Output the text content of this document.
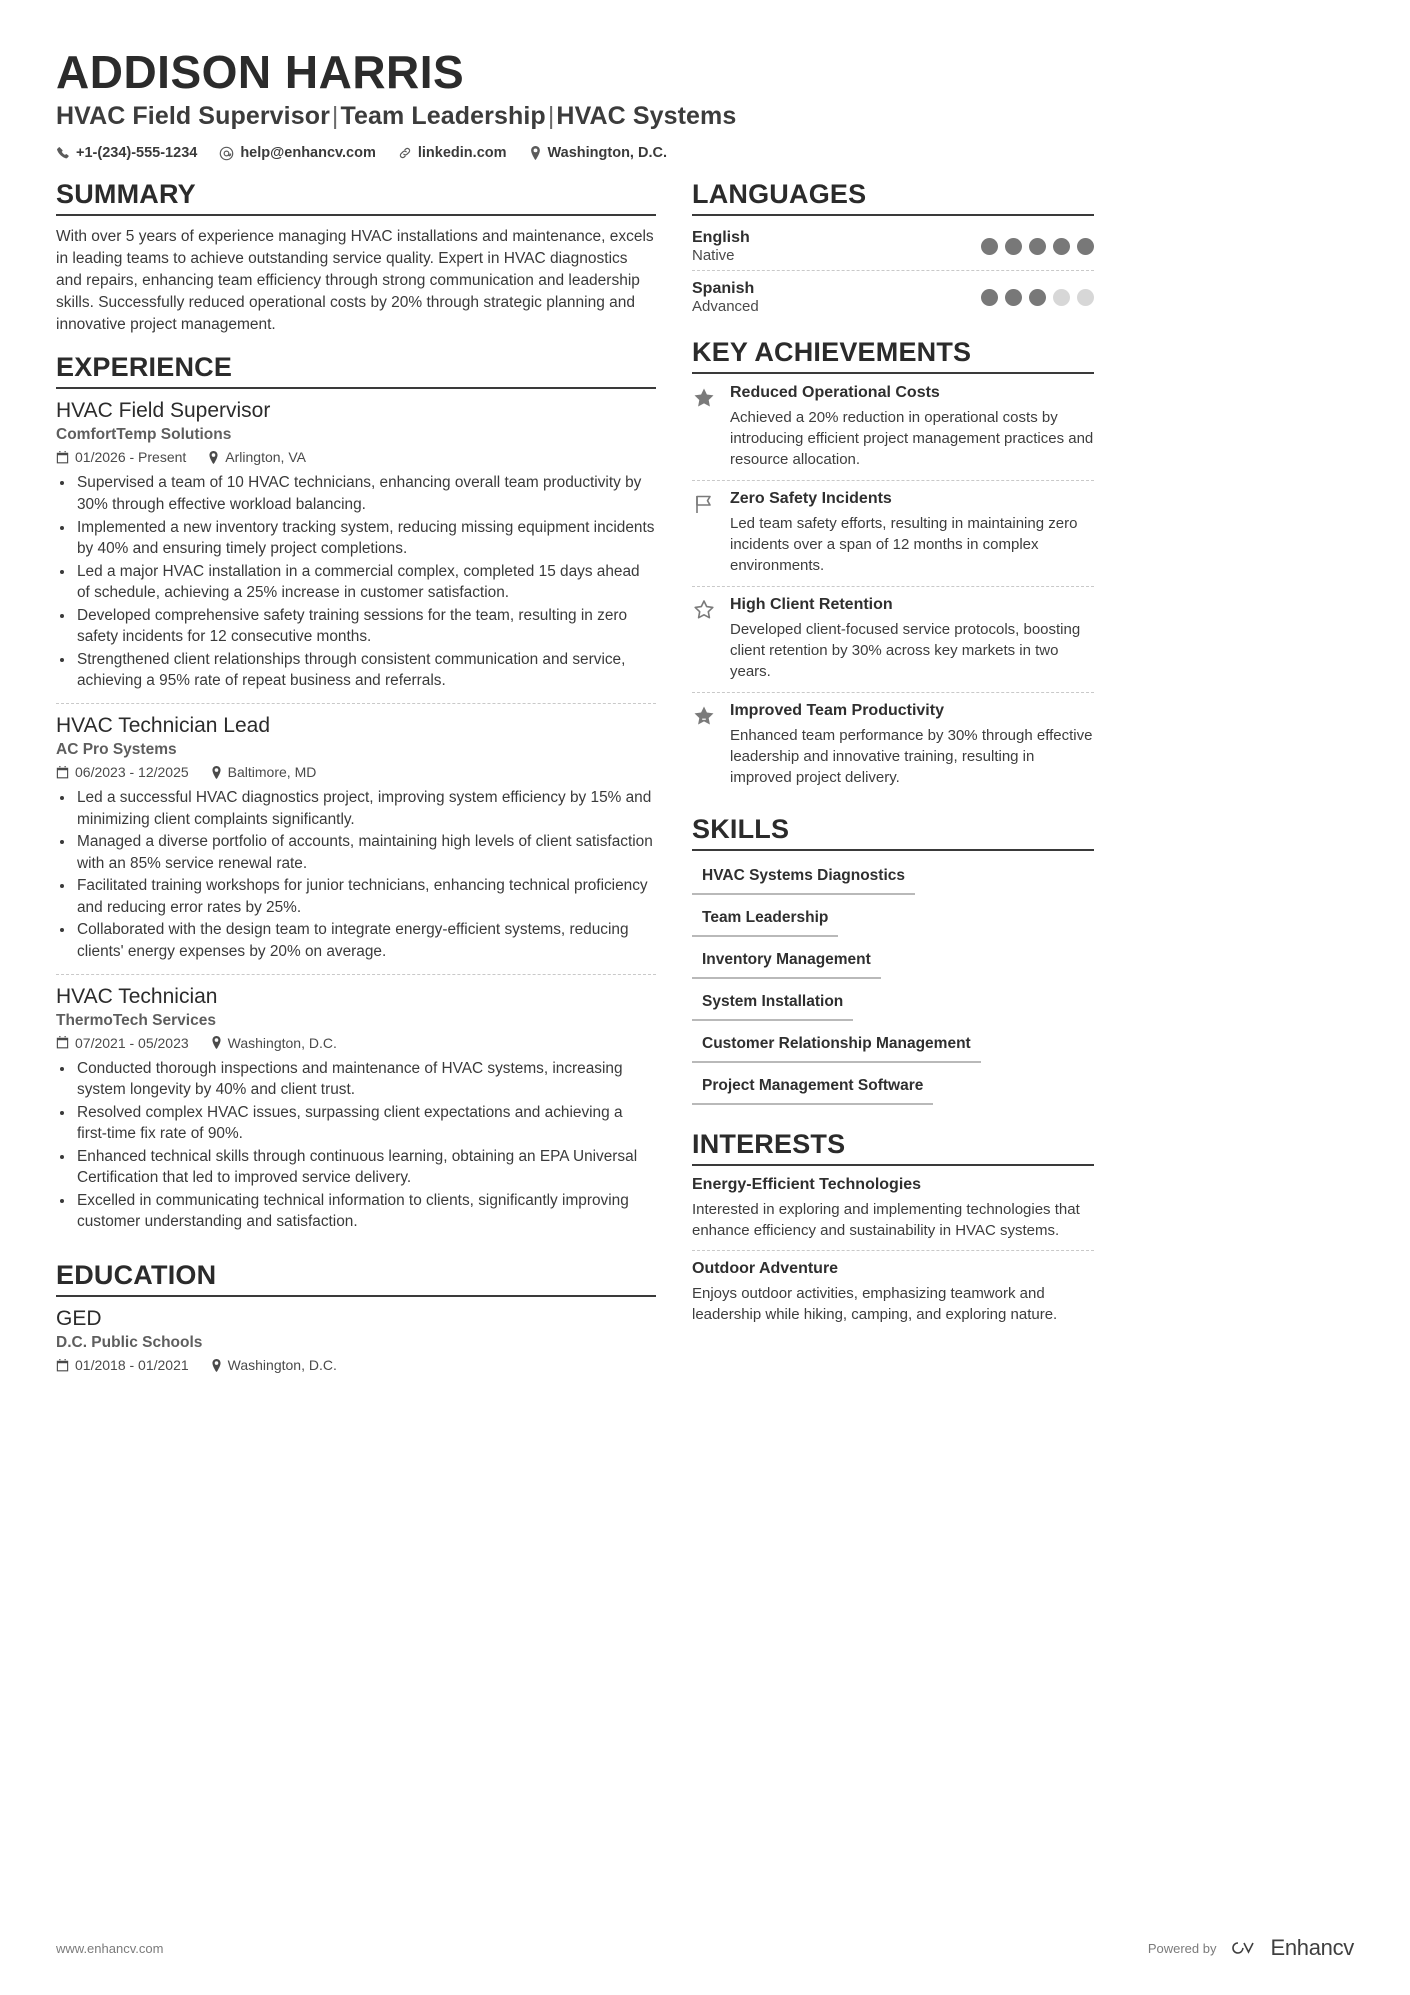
ADDISON HARRIS
HVAC Field Supervisor|Team Leadership|HVAC Systems
+1-(234)-555-1234	help@enhancv.com	linkedin.com	Washington, D.C.
SUMMARY
With over 5 years of experience managing HVAC installations and maintenance, excels in leading teams to achieve outstanding service quality. Expert in HVAC diagnostics and repairs, enhancing team efficiency through strong communication and leadership skills. Successfully reduced operational costs by 20% through strategic planning and innovative project management.
EXPERIENCE
HVAC Field Supervisor
ComfortTemp Solutions
01/2026 - Present	Arlington, VA
• Supervised a team of 10 HVAC technicians, enhancing overall team productivity by 30% through effective workload balancing.
• Implemented a new inventory tracking system, reducing missing equipment incidents by 40% and ensuring timely project completions.
• Led a major HVAC installation in a commercial complex, completed 15 days ahead of schedule, achieving a 25% increase in customer satisfaction.
• Developed comprehensive safety training sessions for the team, resulting in zero safety incidents for 12 consecutive months.
• Strengthened client relationships through consistent communication and service, achieving a 95% rate of repeat business and referrals.
HVAC Technician Lead
AC Pro Systems
06/2023 - 12/2025	Baltimore, MD
• Led a successful HVAC diagnostics project, improving system efficiency by 15% and minimizing client complaints significantly.
• Managed a diverse portfolio of accounts, maintaining high levels of client satisfaction with an 85% service renewal rate.
• Facilitated training workshops for junior technicians, enhancing technical proficiency and reducing error rates by 25%.
• Collaborated with the design team to integrate energy-efficient systems, reducing clients' energy expenses by 20% on average.
HVAC Technician
ThermoTech Services
07/2021 - 05/2023	Washington, D.C.
• Conducted thorough inspections and maintenance of HVAC systems, increasing system longevity by 40% and client trust.
• Resolved complex HVAC issues, surpassing client expectations and achieving a first-time fix rate of 90%.
• Enhanced technical skills through continuous learning, obtaining an EPA Universal Certification that led to improved service delivery.
• Excelled in communicating technical information to clients, significantly improving customer understanding and satisfaction.
EDUCATION
GED
D.C. Public Schools
01/2018 - 01/2021	Washington, D.C.
LANGUAGES
English
Native
Spanish
Advanced
KEY ACHIEVEMENTS
Reduced Operational Costs
Achieved a 20% reduction in operational costs by introducing efficient project management practices and resource allocation.
Zero Safety Incidents
Led team safety efforts, resulting in maintaining zero incidents over a span of 12 months in complex environments.
High Client Retention
Developed client-focused service protocols, boosting client retention by 30% across key markets in two years.
Improved Team Productivity
Enhanced team performance by 30% through effective leadership and innovative training, resulting in improved project delivery.
SKILLS
HVAC Systems Diagnostics
Team Leadership
Inventory Management
System Installation
Customer Relationship Management
Project Management Software
INTERESTS
Energy-Efficient Technologies
Interested in exploring and implementing technologies that enhance efficiency and sustainability in HVAC systems.
Outdoor Adventure
Enjoys outdoor activities, emphasizing teamwork and leadership while hiking, camping, and exploring nature.
www.enhancv.com	Powered by Enhancv
